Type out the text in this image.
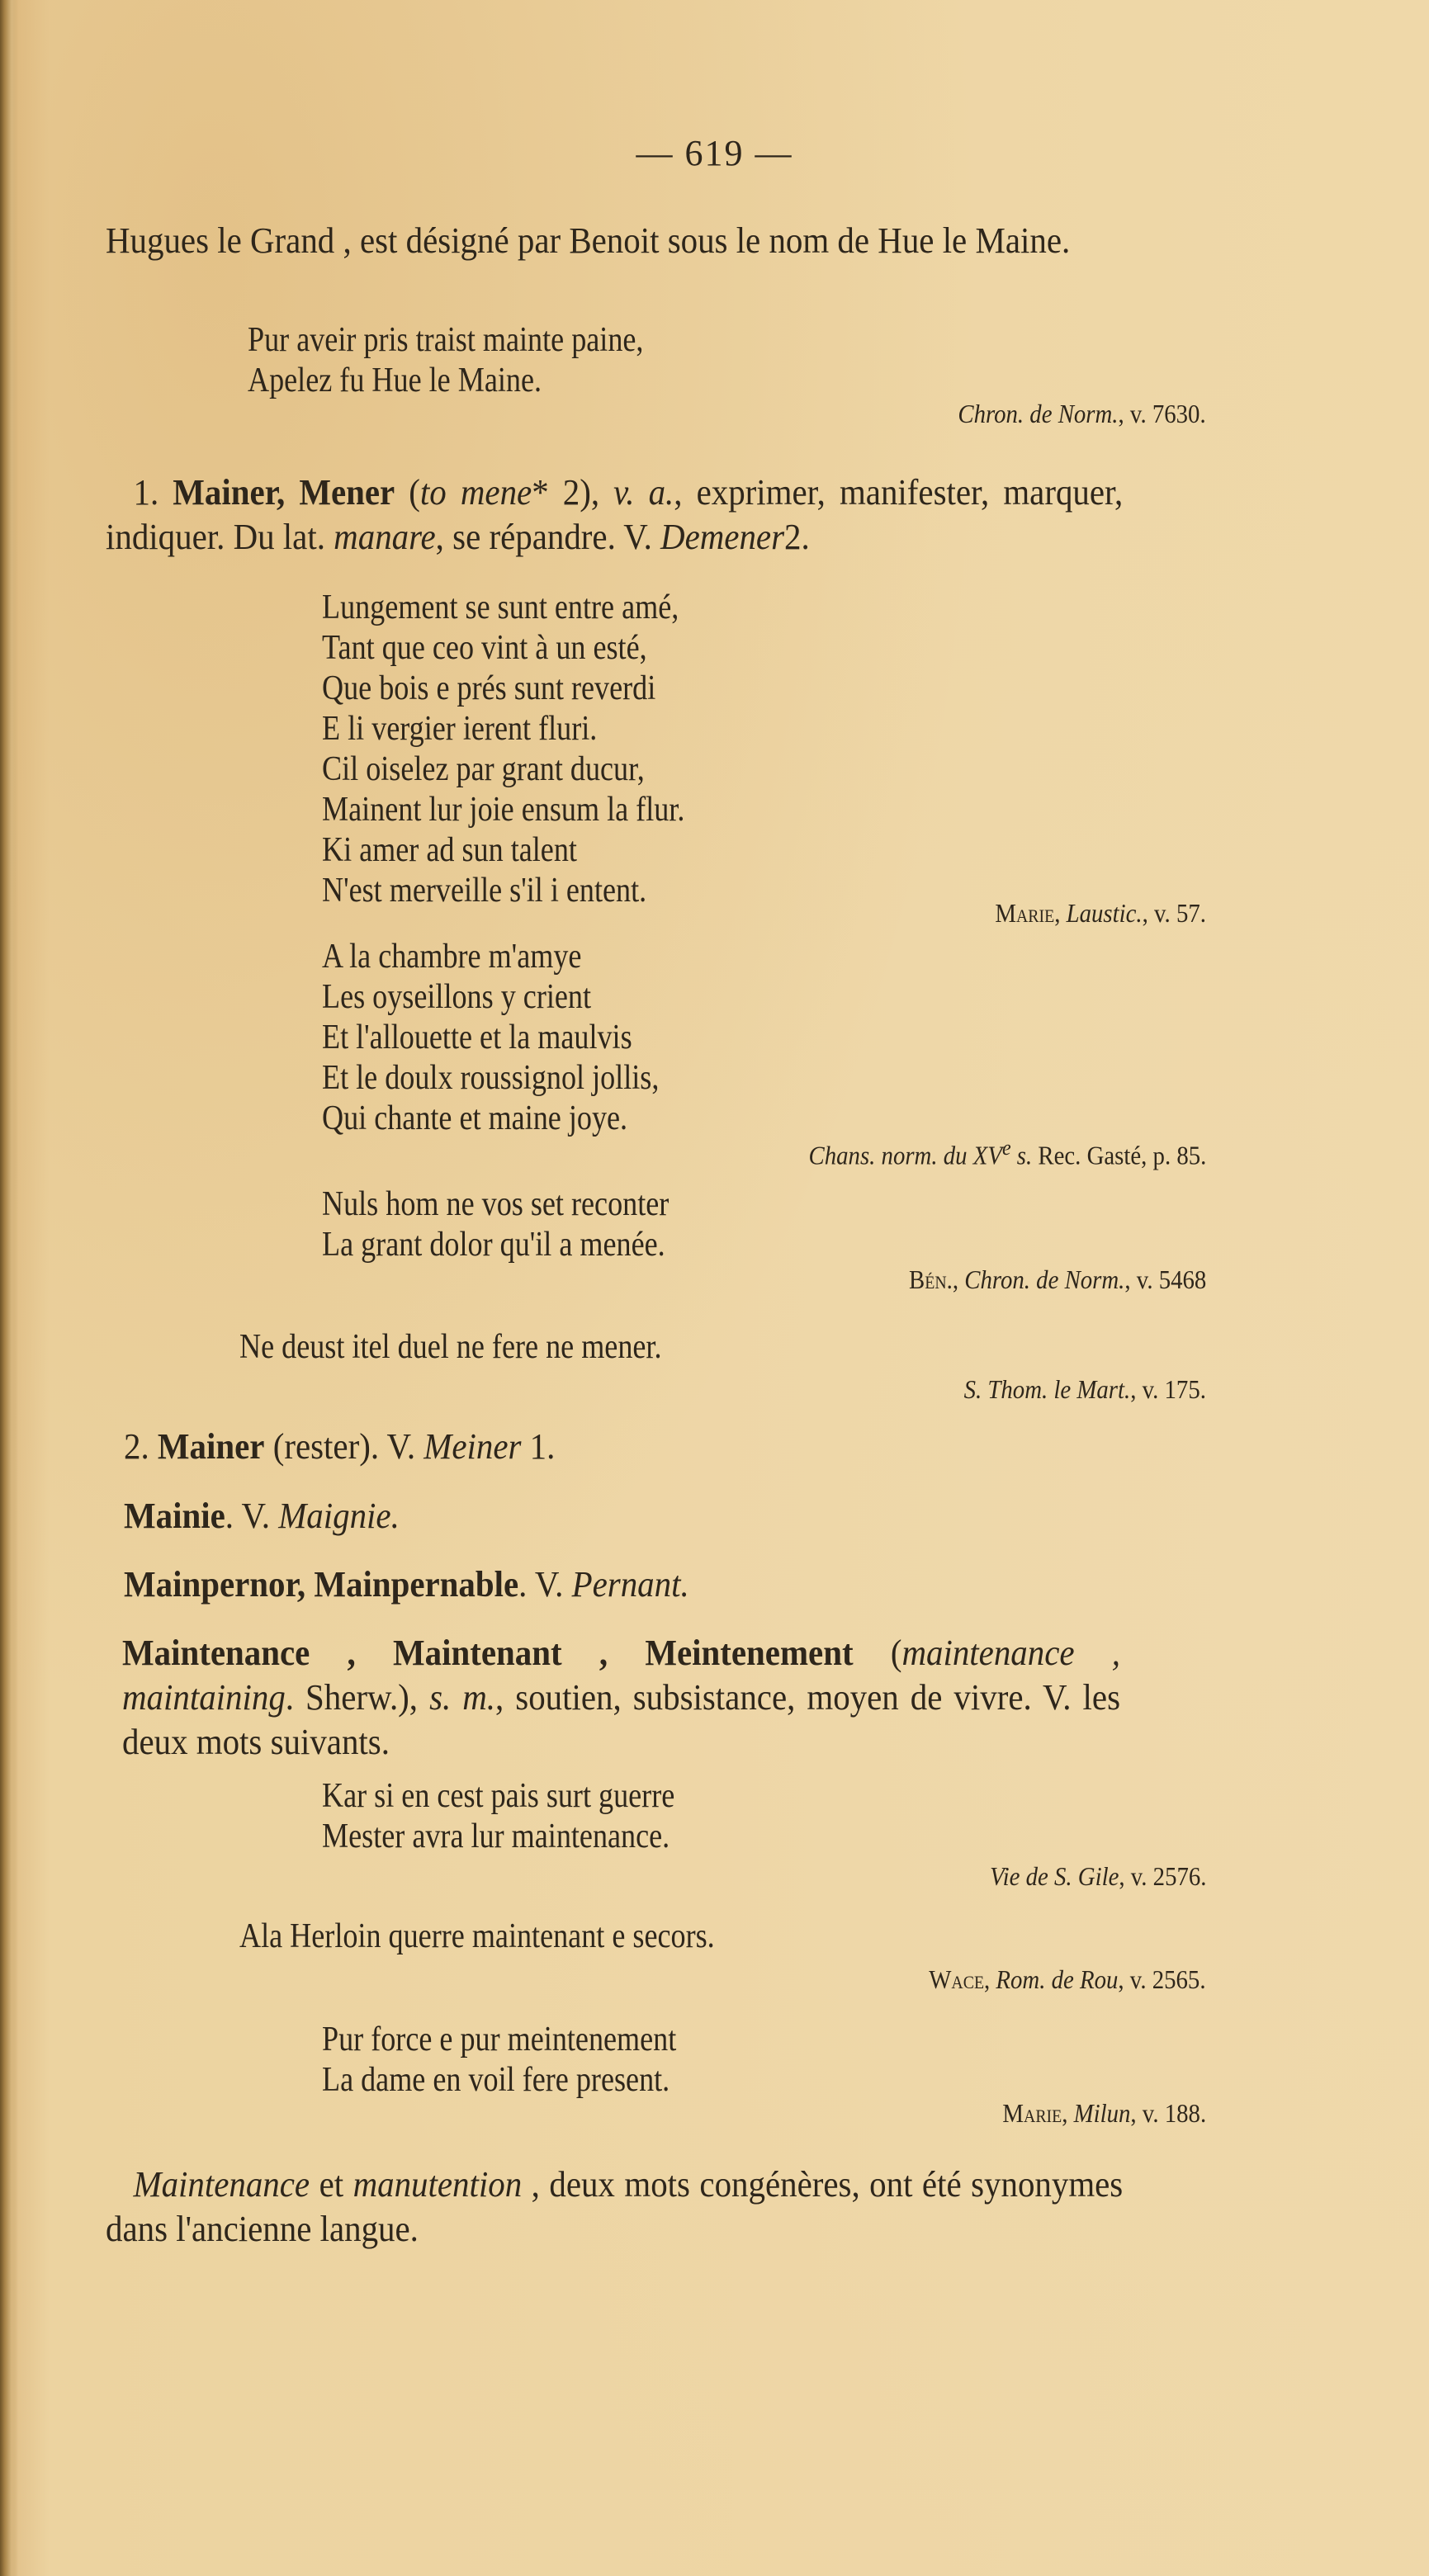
— 619 —
Hugues le Grand , est désigné par Benoit sous le nom de Hue le Maine.
Pur aveir pris traist mainte paine,
Apelez fu Hue le Maine.
Chron. de Norm., v. 7630.
1. Mainer, Mener (to mene* 2), v. a., exprimer, manifester, marquer, indiquer. Du lat. manare, se répandre. V. Demener2.
Lungement se sunt entre amé,
Tant que ceo vint à un esté,
Que bois e prés sunt reverdi
E li vergier ierent fluri.
Cil oiselez par grant ducur,
Mainent lur joie ensum la flur.
Ki amer ad sun talent
N'est merveille s'il i entent.
Marie, Laustic., v. 57.
A la chambre m'amye
Les oyseillons y crient
Et l'allouette et la maulvis
Et le doulx roussignol jollis,
Qui chante et maine joye.
Chans. norm. du XVe s. Rec. Gasté, p. 85.
Nuls hom ne vos set reconter
La grant dolor qu'il a menée.
Bén., Chron. de Norm., v. 5468
Ne deust itel duel ne fere ne mener.
S. Thom. le Mart., v. 175.
2. Mainer (rester). V. Meiner 1.
Mainie. V. Maignie.
Mainpernor, Mainpernable. V. Pernant.
Maintenance , Maintenant , Meintenement (maintenance , maintaining. Sherw.), s. m., soutien, subsistance, moyen de vivre. V. les deux mots suivants.
Kar si en cest pais surt guerre
Mester avra lur maintenance.
Vie de S. Gile, v. 2576.
Ala Herloin querre maintenant e secors.
Wace, Rom. de Rou, v. 2565.
Pur force e pur meintenement
La dame en voil fere present.
Marie, Milun, v. 188.
Maintenance et manutention , deux mots congénères, ont été synonymes dans l'ancienne langue.
